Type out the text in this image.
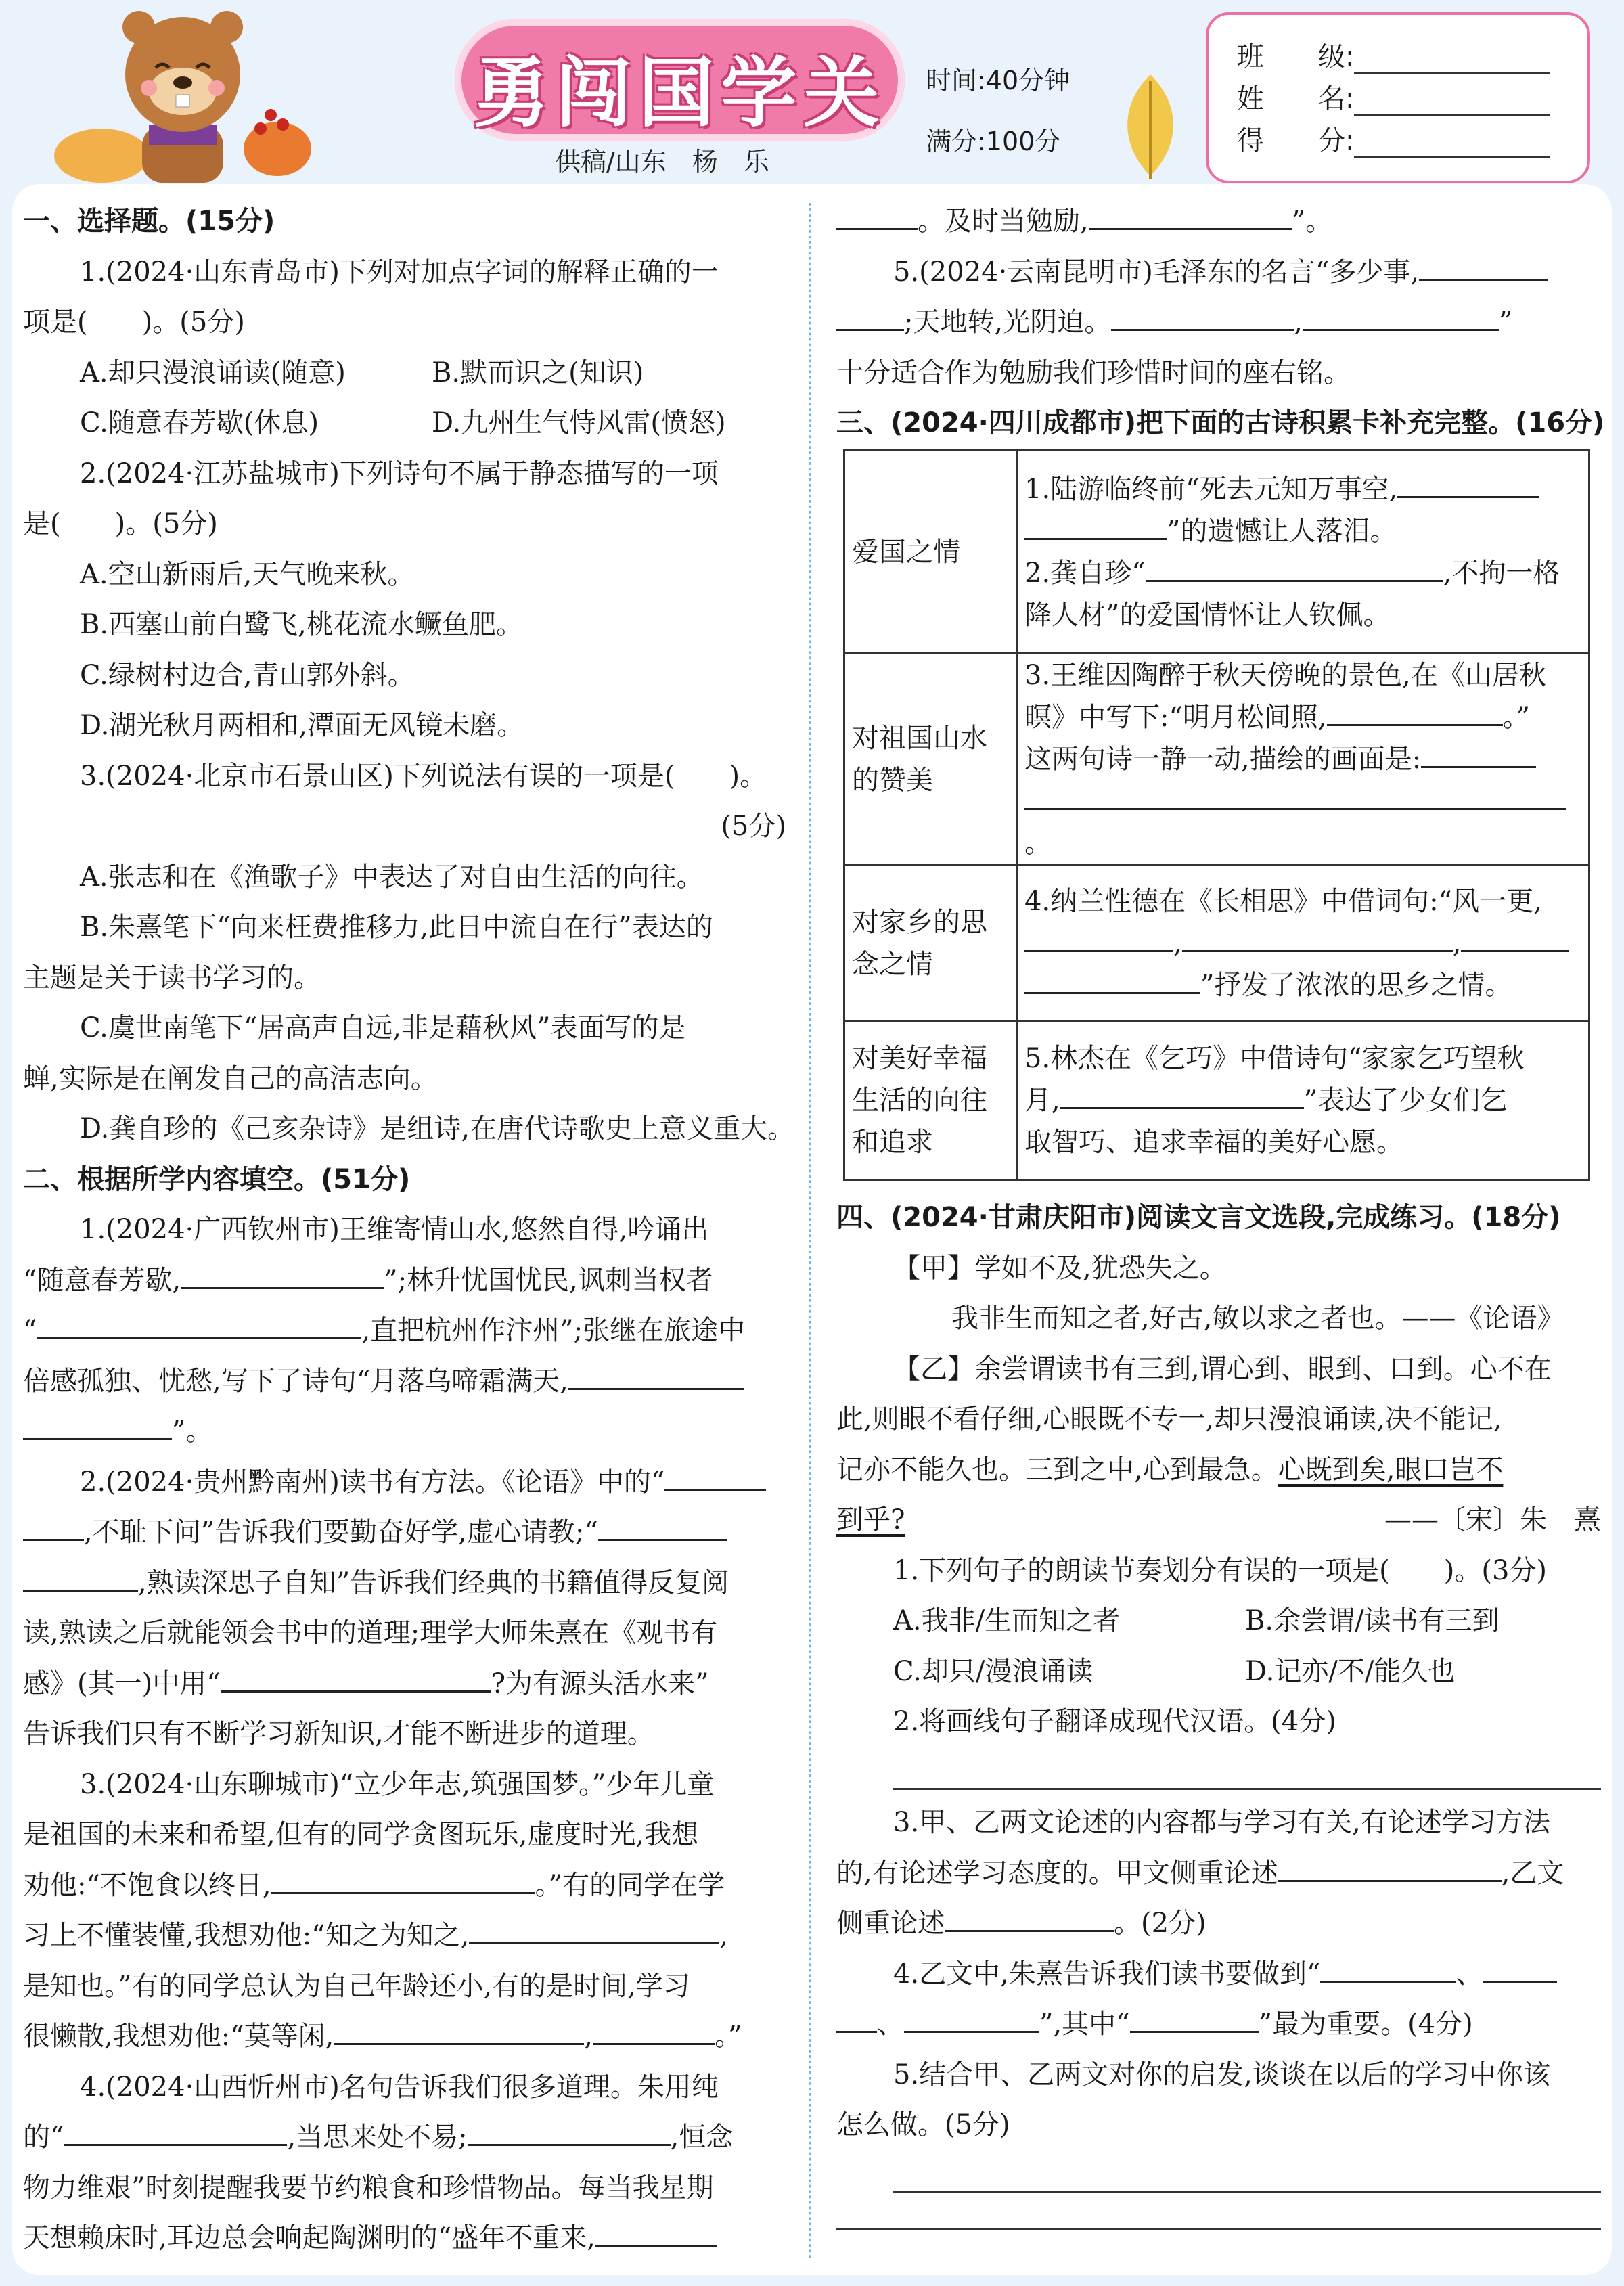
勇闯国学关
供稿/山东　杨　乐
时间:40分钟
满分:100分
班　　级:
姓　　名:
得　　分:
一、选择题。(15分)
1.(2024·山东青岛市)下列对加点字词的解释正确的一
项是(　　)。(5分)
A.却只漫浪诵读(随意)	B.默而识之(知识)
C.随意春芳歇(休息)	D.九州生气恃风雷(愤怒)
2.(2024·江苏盐城市)下列诗句不属于静态描写的一项
是(　　)。(5分)
A.空山新雨后,天气晚来秋。
B.西塞山前白鹭飞,桃花流水鳜鱼肥。
C.绿树村边合,青山郭外斜。
D.湖光秋月两相和,潭面无风镜未磨。
3.(2024·北京市石景山区)下列说法有误的一项是(　　)。
(5分)
A.张志和在《渔歌子》中表达了对自由生活的向往。
B.朱熹笔下“向来枉费推移力,此日中流自在行”表达的
主题是关于读书学习的。
C.虞世南笔下“居高声自远,非是藉秋风”表面写的是
蝉,实际是在阐发自己的高洁志向。
D.龚自珍的《己亥杂诗》是组诗,在唐代诗歌史上意义重大。
二、根据所学内容填空。(51分)
1.(2024·广西钦州市)王维寄情山水,悠然自得,吟诵出
“随意春芳歇,	”;林升忧国忧民,讽刺当权者
“	,直把杭州作汴州”;张继在旅途中
倍感孤独、忧愁,写下了诗句“月落乌啼霜满天,
”。
2.(2024·贵州黔南州)读书有方法。《论语》中的“
,不耻下问”告诉我们要勤奋好学,虚心请教;“
,熟读深思子自知”告诉我们经典的书籍值得反复阅
读,熟读之后就能领会书中的道理;理学大师朱熹在《观书有
感》(其一)中用“	?为有源头活水来”
告诉我们只有不断学习新知识,才能不断进步的道理。
3.(2024·山东聊城市)“立少年志,筑强国梦。”少年儿童
是祖国的未来和希望,但有的同学贪图玩乐,虚度时光,我想
劝他:“不饱食以终日,	。”有的同学在学
习上不懂装懂,我想劝他:“知之为知之,	,
是知也。”有的同学总认为自己年龄还小,有的是时间,学习
很懒散,我想劝他:“莫等闲,	,	。”
4.(2024·山西忻州市)名句告诉我们很多道理。朱用纯
的“	,当思来处不易;	,恒念
物力维艰”时刻提醒我要节约粮食和珍惜物品。每当我星期
天想赖床时,耳边总会响起陶渊明的“盛年不重来,
。及时当勉励,	”。
5.(2024·云南昆明市)毛泽东的名言“多少事,
;天地转,光阴迫。	,	”
十分适合作为勉励我们珍惜时间的座右铭。
三、(2024·四川成都市)把下面的古诗积累卡补充完整。(16分)
爱国之情	1.陆游临终前“死去元知万事空,
”的遗憾让人落泪。
2.龚自珍“ ,不拘一格
降人材”的爱国情怀让人钦佩。

对祖国山水的赞美	3.王维因陶醉于秋天傍晚的景色,在《山居秋
暝》中写下:“明月松间照, 。”
这两句诗一静一动,描绘的画面是:
。

对家乡的思念之情	4.纳兰性德在《长相思》中借词句:“风一更,
, ,
”抒发了浓浓的思乡之情。

对美好幸福生活的向往和追求	5.林杰在《乞巧》中借诗句“家家乞巧望秋
月, ”表达了少女们乞
取智巧、追求幸福的美好心愿。
四、(2024·甘肃庆阳市)阅读文言文选段,完成练习。(18分)
【甲】学如不及,犹恐失之。
我非生而知之者,好古,敏以求之者也。——《论语》
【乙】余尝谓读书有三到,谓心到、眼到、口到。心不在
此,则眼不看仔细,心眼既不专一,却只漫浪诵读,决不能记,
记亦不能久也。三到之中,心到最急。心既到矣,眼口岂不
到乎?	——〔宋〕朱　熹
1.下列句子的朗读节奏划分有误的一项是(　　)。(3分)
A.我非/生而知之者	B.余尝谓/读书有三到
C.却只/漫浪诵读	D.记亦/不/能久也
2.将画线句子翻译成现代汉语。(4分)
3.甲、乙两文论述的内容都与学习有关,有论述学习方法
的,有论述学习态度的。甲文侧重论述	,乙文
侧重论述	。(2分)
4.乙文中,朱熹告诉我们读书要做到“	、
、	”,其中“	”最为重要。(4分)
5.结合甲、乙两文对你的启发,谈谈在以后的学习中你该
怎么做。(5分)
